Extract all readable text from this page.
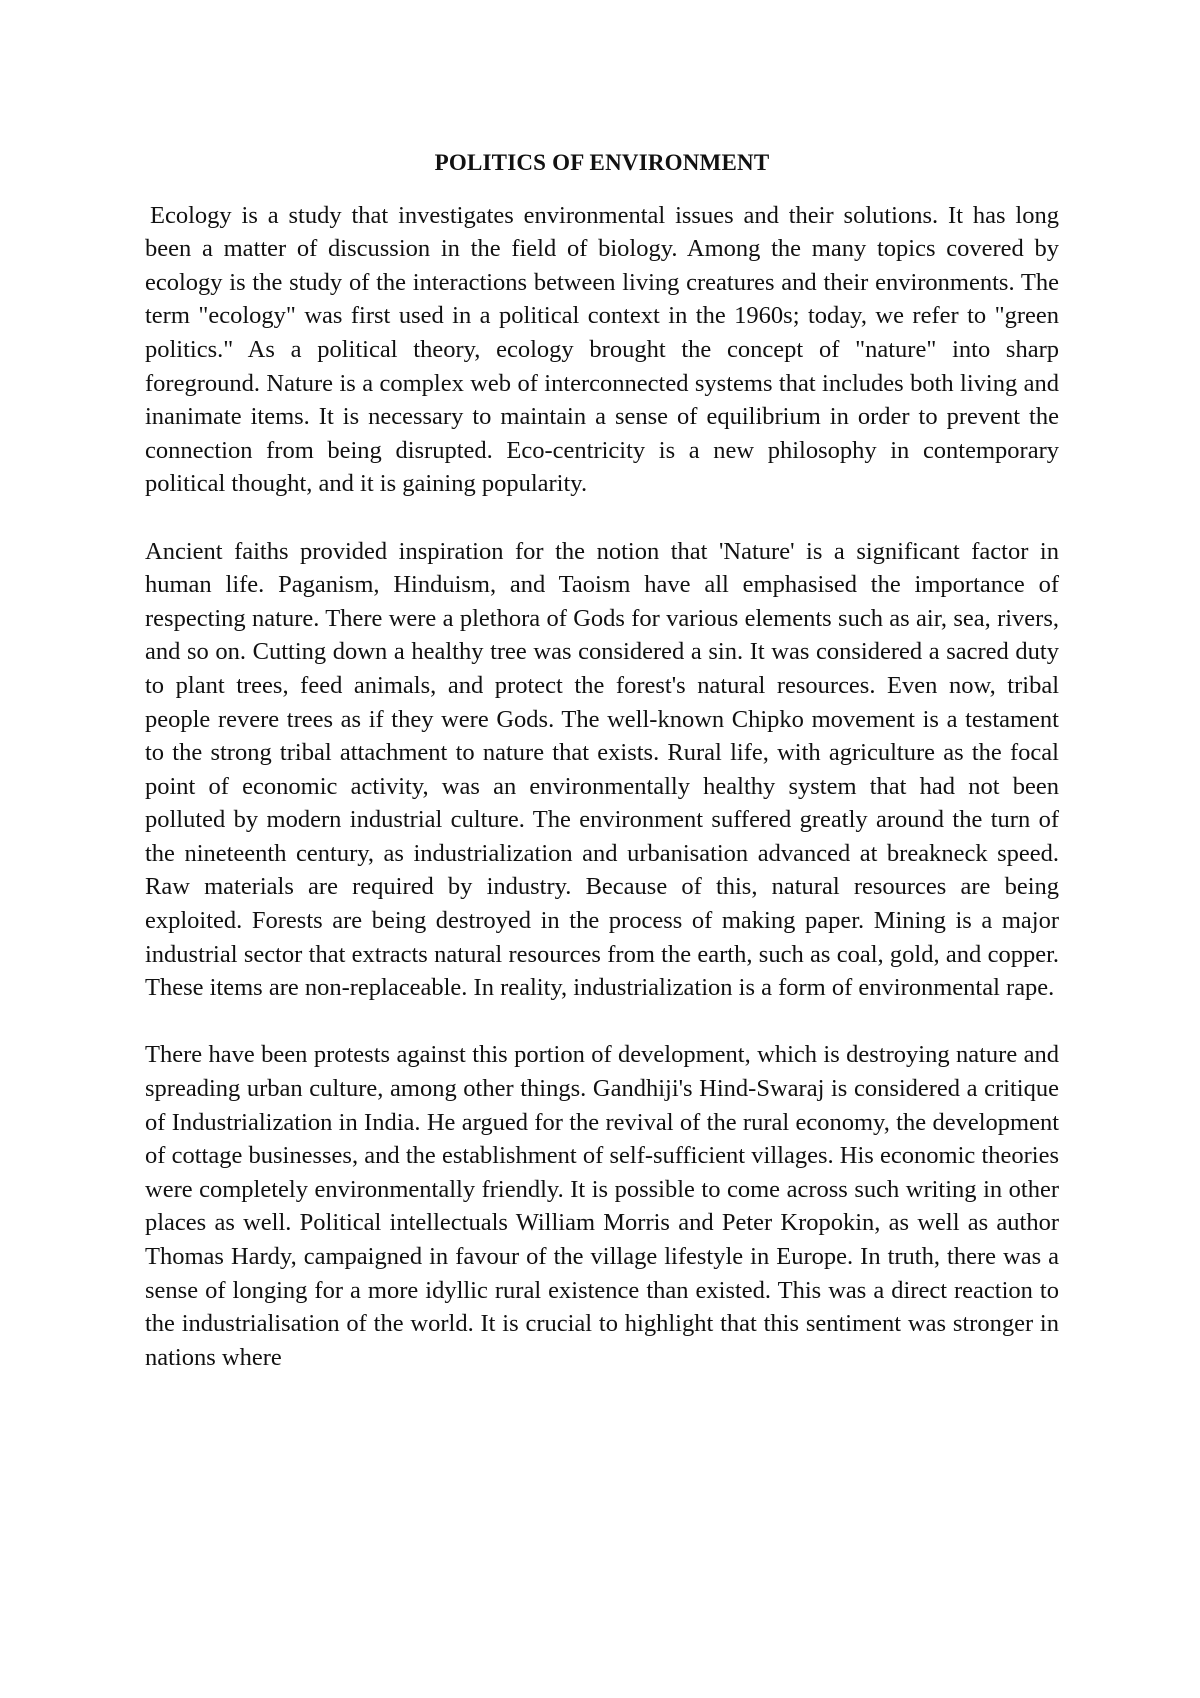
POLITICS OF ENVIRONMENT

Ecology is a study that investigates environmental issues and their solutions. It has long been a matter of discussion in the field of biology. Among the many topics covered by ecology is the study of the interactions between living creatures and their environments. The term "ecology" was first used in a political context in the 1960s; today, we refer to "green politics." As a political theory, ecology brought the concept of "nature" into sharp foreground. Nature is a complex web of interconnected systems that includes both living and inanimate items. It is necessary to maintain a sense of equilibrium in order to prevent the connection from being disrupted. Eco-centricity is a new philosophy in contemporary political thought, and it is gaining popularity.

Ancient faiths provided inspiration for the notion that 'Nature' is a significant factor in human life. Paganism, Hinduism, and Taoism have all emphasised the importance of respecting nature. There were a plethora of Gods for various elements such as air, sea, rivers, and so on. Cutting down a healthy tree was considered a sin. It was considered a sacred duty to plant trees, feed animals, and protect the forest's natural resources. Even now, tribal people revere trees as if they were Gods. The well-known Chipko movement is a testament to the strong tribal attachment to nature that exists. Rural life, with agriculture as the focal point of economic activity, was an environmentally healthy system that had not been polluted by modern industrial culture. The environment suffered greatly around the turn of the nineteenth century, as industrialization and urbanisation advanced at breakneck speed. Raw materials are required by industry. Because of this, natural resources are being exploited. Forests are being destroyed in the process of making paper. Mining is a major industrial sector that extracts natural resources from the earth, such as coal, gold, and copper. These items are non-replaceable. In reality, industrialization is a form of environmental rape.

There have been protests against this portion of development, which is destroying nature and spreading urban culture, among other things. Gandhiji's Hind-Swaraj is considered a critique of Industrialization in India. He argued for the revival of the rural economy, the development of cottage businesses, and the establishment of self-sufficient villages. His economic theories were completely environmentally friendly. It is possible to come across such writing in other places as well. Political intellectuals William Morris and Peter Kropokin, as well as author Thomas Hardy, campaigned in favour of the village lifestyle in Europe. In truth, there was a sense of longing for a more idyllic rural existence than existed. This was a direct reaction to the industrialisation of the world. It is crucial to highlight that this sentiment was stronger in nations where
